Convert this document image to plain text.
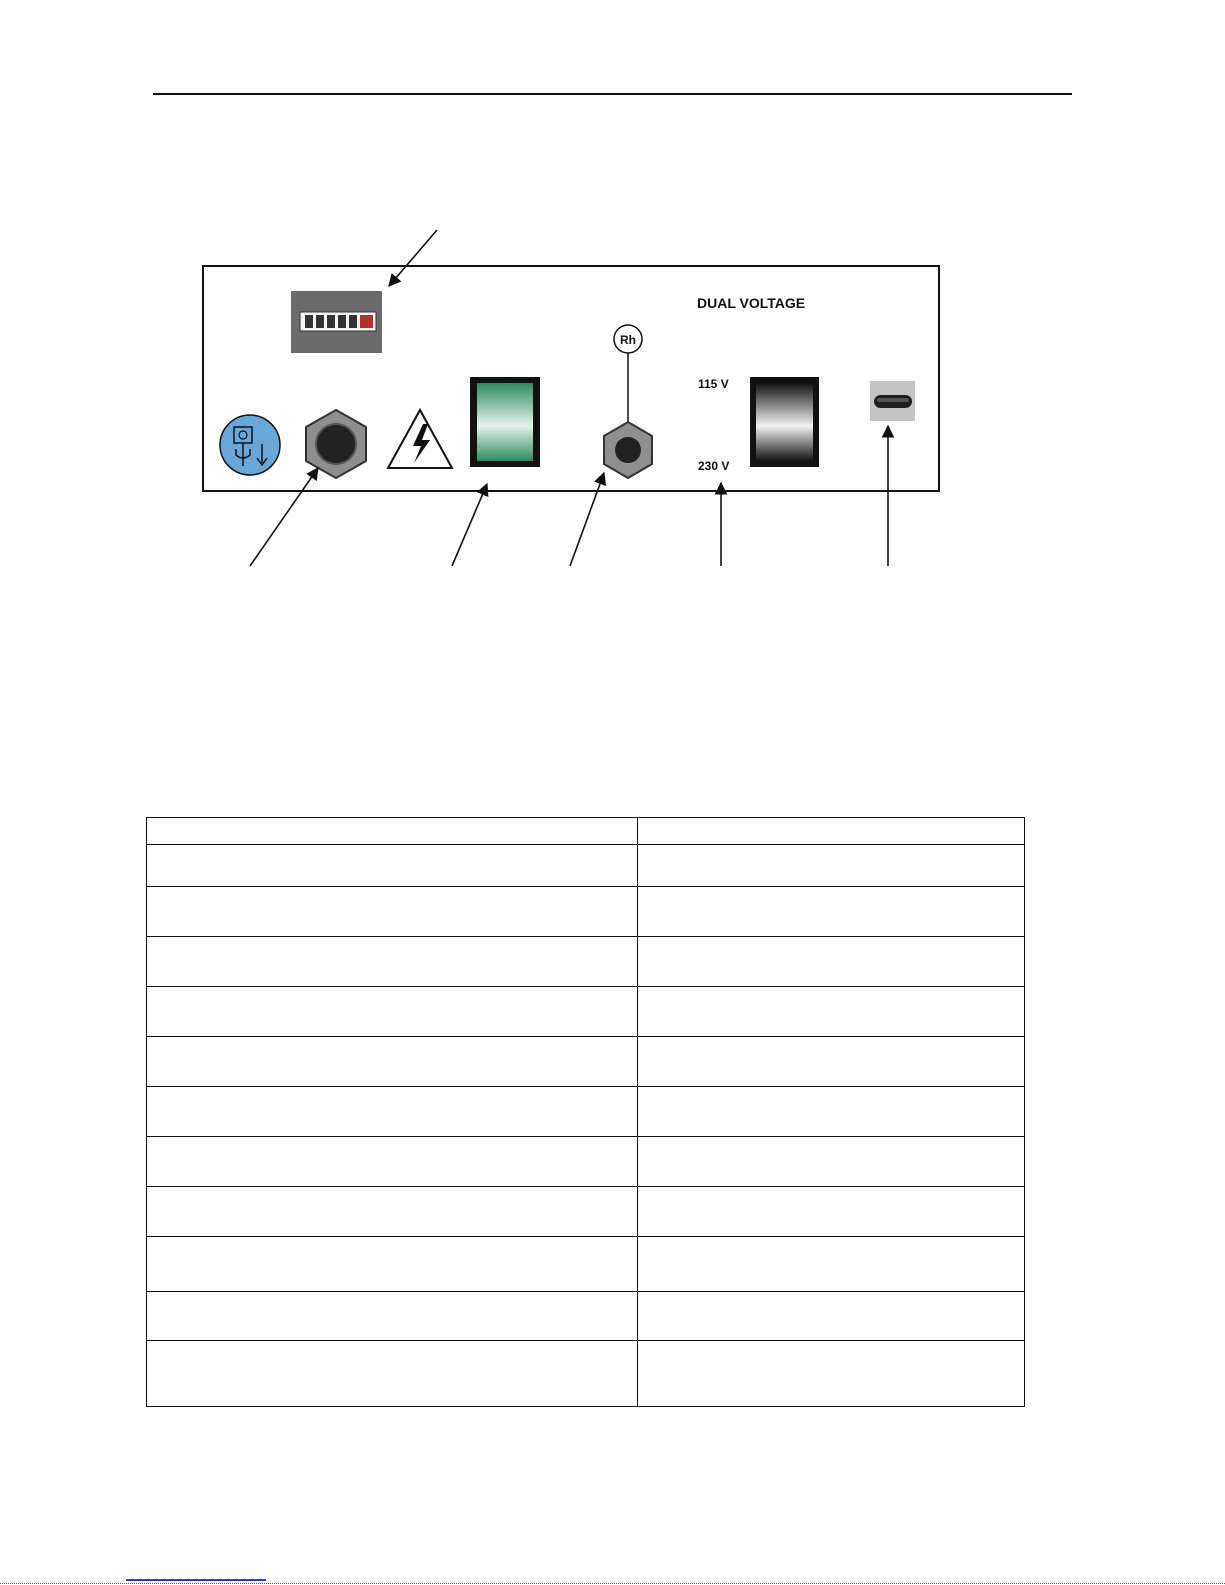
Rh
DUAL VOLTAGE
115 V
230 V
